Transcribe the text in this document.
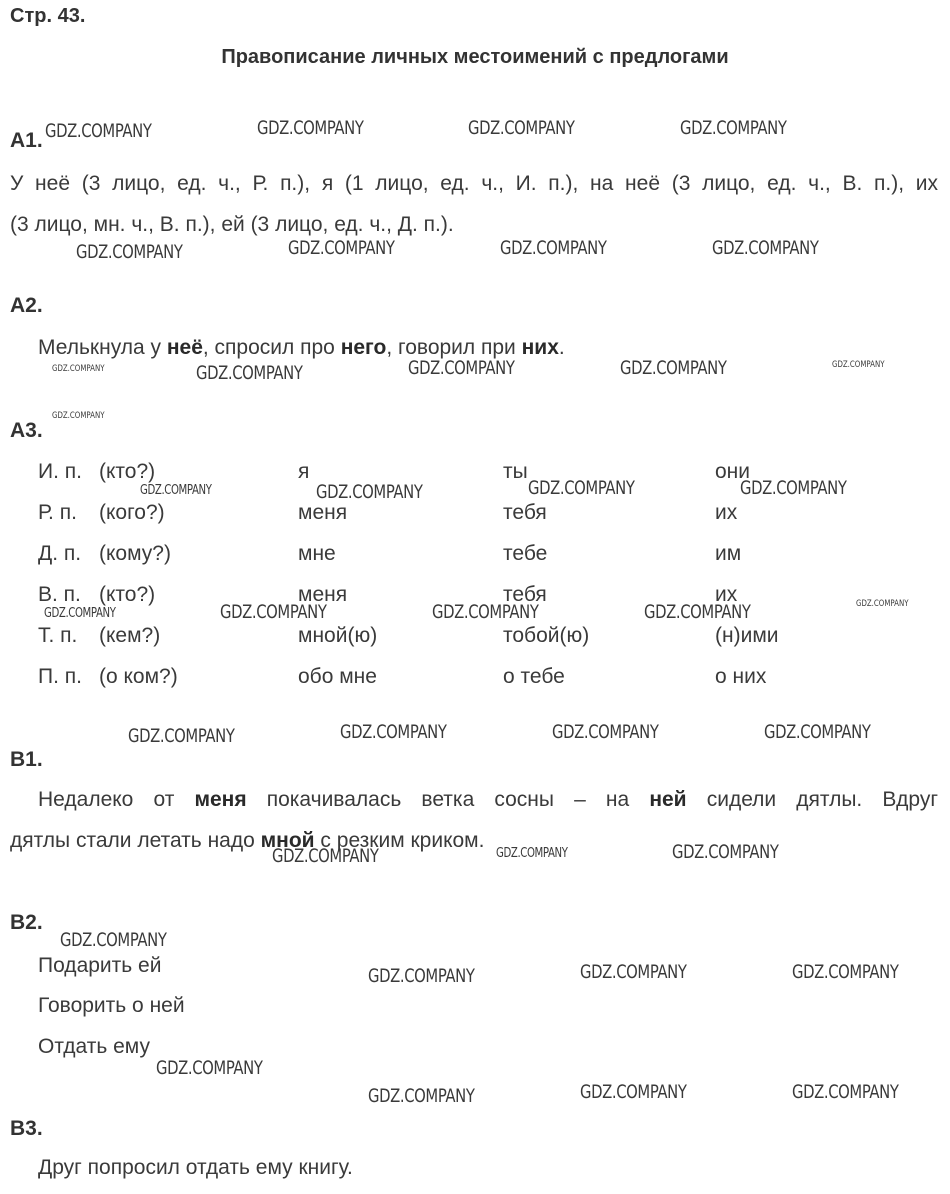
Стр. 43.
Правописание личных местоимений с предлогами
А1.
У неё (3 лицо, ед. ч., Р. п.), я (1 лицо, ед. ч., И. п.), на неё (3 лицо, ед. ч., В. п.), их
(3 лицо, мн. ч., В. п.), ей (3 лицо, ед. ч., Д. п.).
А2.
Мелькнула у неё, спросил про него, говорил при них.
А3.
И. п. (кто?)	я	ты	они
Р. п. (кого?)	меня	тебя	их
Д. п. (кому?)	мне	тебе	им
В. п. (кто?)	меня	тебя	их
Т. п. (кем?)	мной(ю)	тобой(ю)	(н)ими
П. п. (о ком?)	обо мне	о тебе	о них
В1.
Недалеко от меня покачивалась ветка сосны – на ней сидели дятлы. Вдруг
дятлы стали летать надо мной с резким криком.
В2.
Подарить ей
Говорить о ней
Отдать ему
В3.
Друг попросил отдать ему книгу.
GDZ.COMPANY	GDZ.COMPANY	GDZ.COMPANY	GDZ.COMPANY
GDZ.COMPANY	GDZ.COMPANY	GDZ.COMPANY	GDZ.COMPANY
GDZ.COMPANY	GDZ.COMPANY	GDZ.COMPANY	GDZ.COMPANY	GDZ.COMPANY
GDZ.COMPANY
GDZ.COMPANY	GDZ.COMPANY	GDZ.COMPANY	GDZ.COMPANY
GDZ.COMPANY	GDZ.COMPANY	GDZ.COMPANY	GDZ.COMPANY	GDZ.COMPANY
GDZ.COMPANY	GDZ.COMPANY	GDZ.COMPANY	GDZ.COMPANY
GDZ.COMPANY	GDZ.COMPANY	GDZ.COMPANY
GDZ.COMPANY
GDZ.COMPANY	GDZ.COMPANY	GDZ.COMPANY
GDZ.COMPANY
GDZ.COMPANY	GDZ.COMPANY	GDZ.COMPANY
